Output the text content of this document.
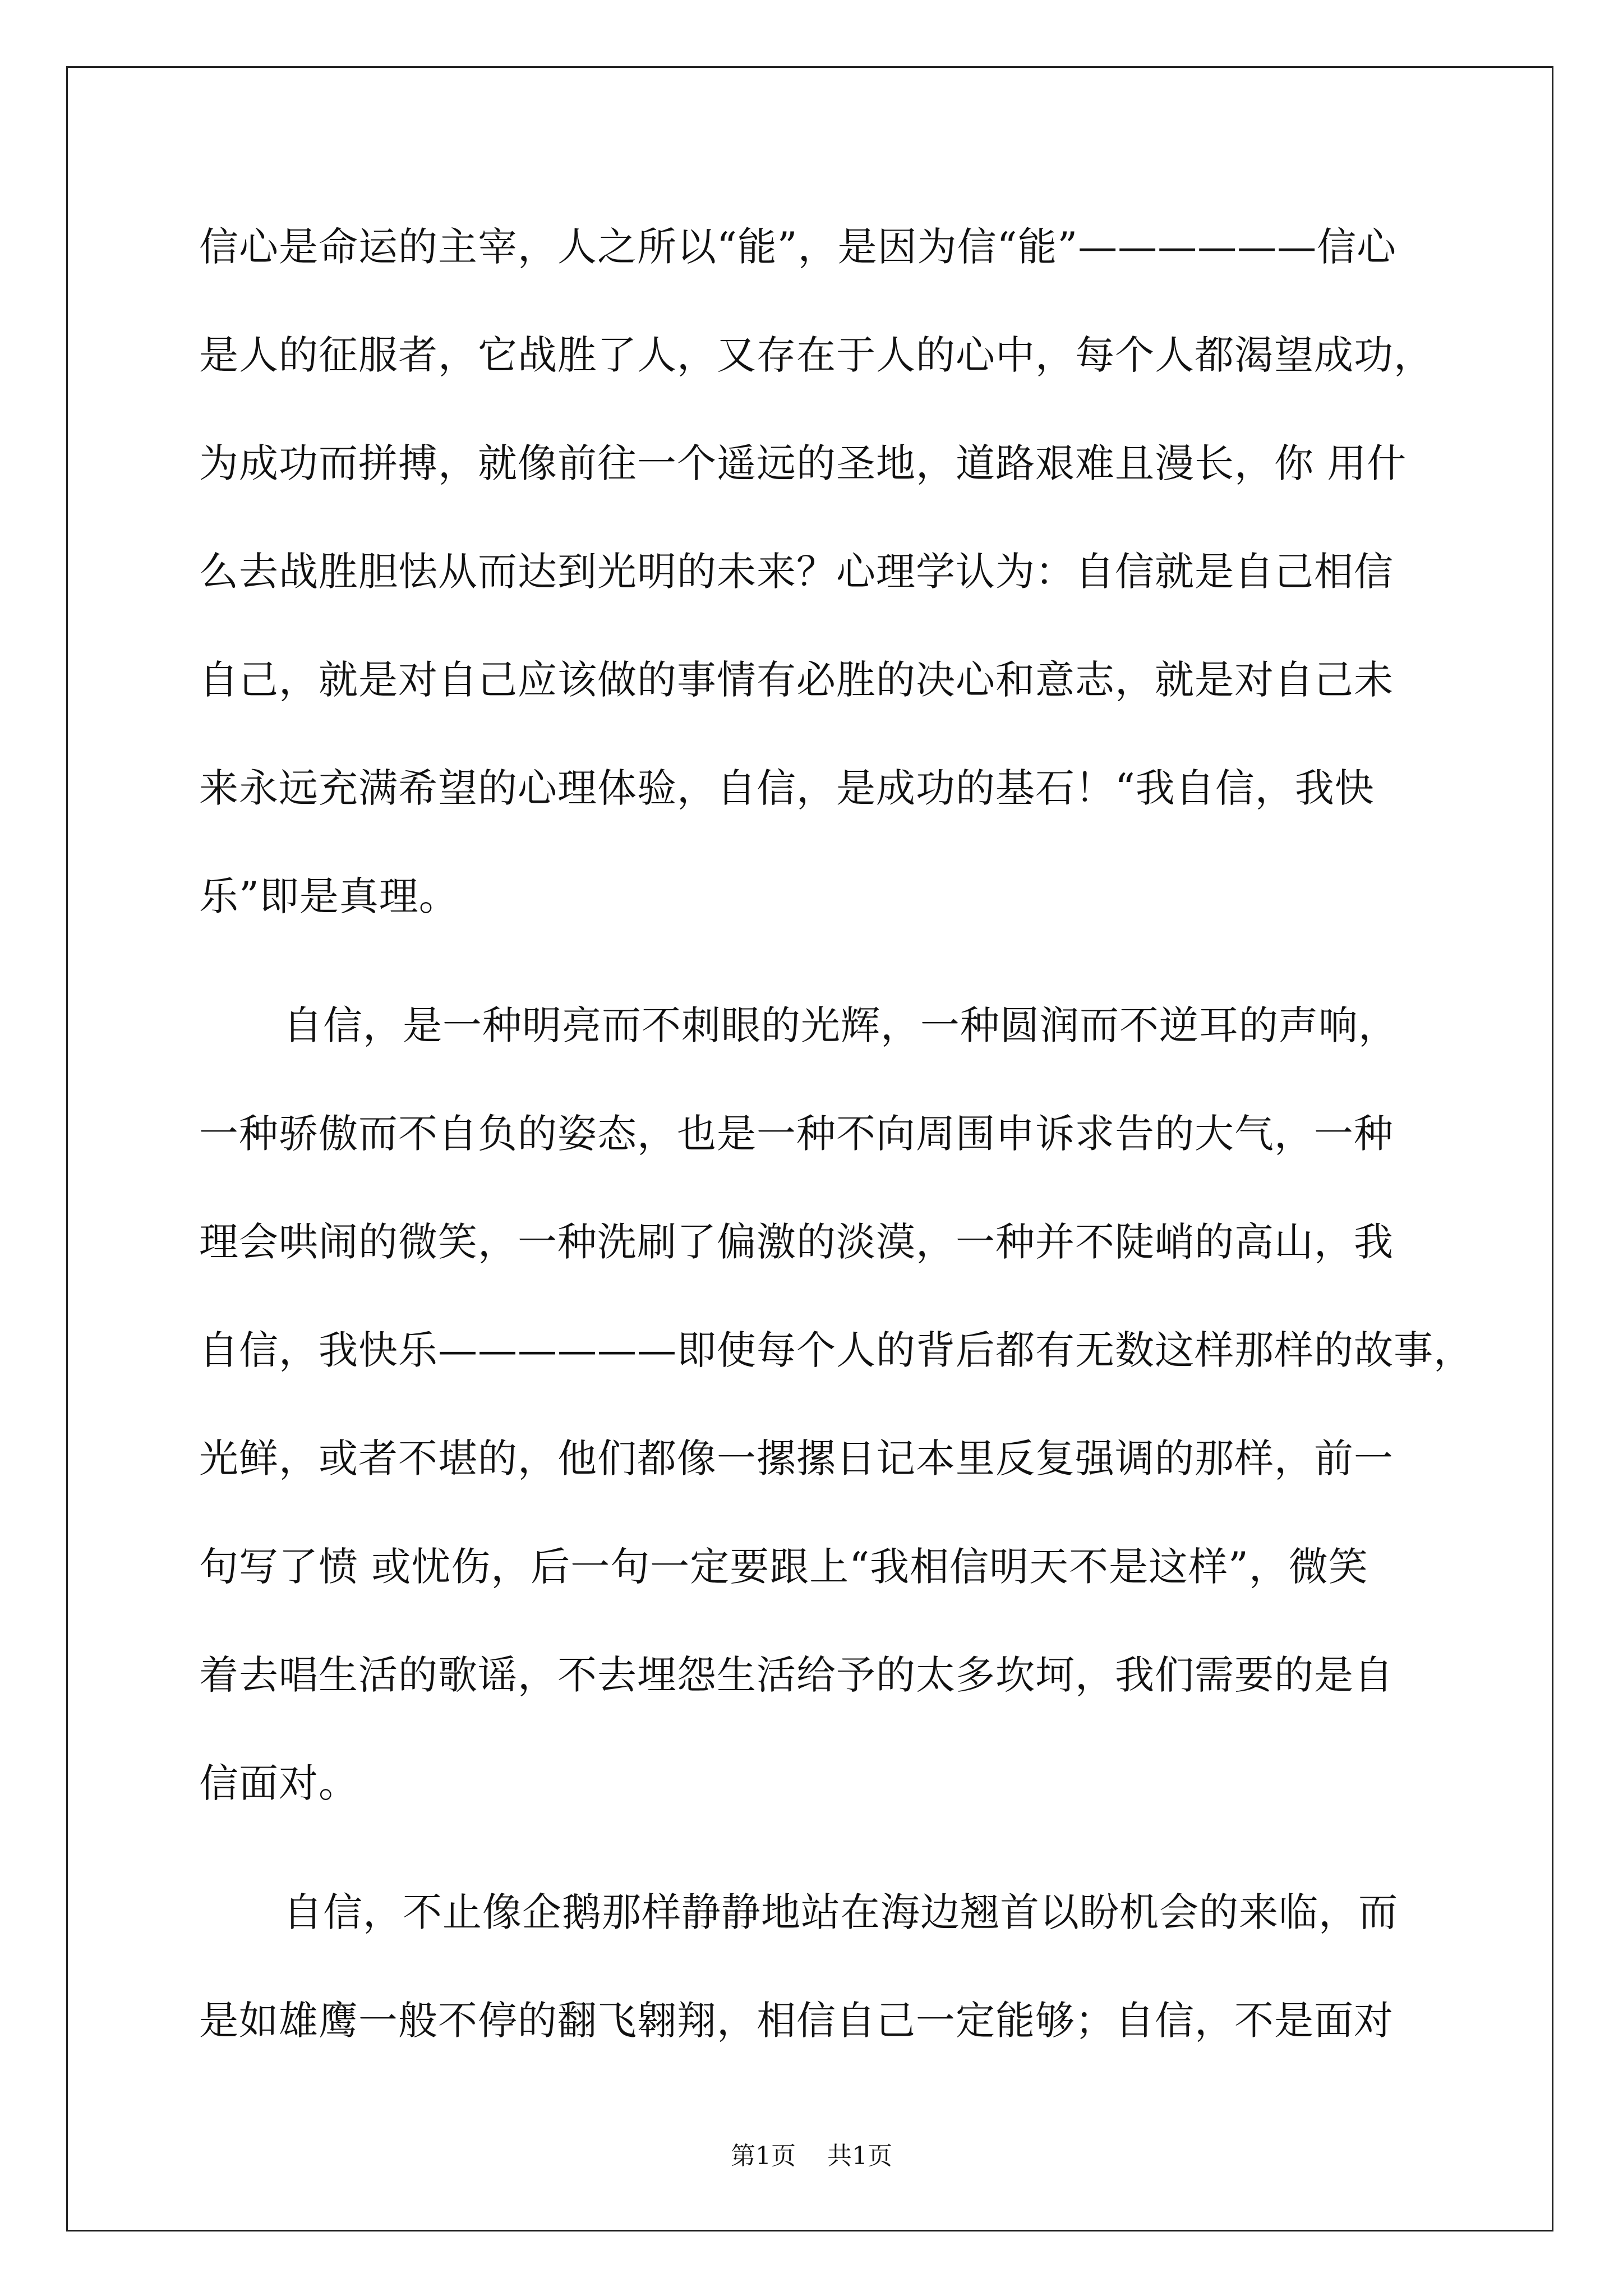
信心是命运的主宰，人之所以“能”，是因为信“能”——————信心
是人的征服者，它战胜了人，又存在于人的心中，每个人都渴望成功，
为成功而拼搏，就像前往一个遥远的圣地，道路艰难且漫长，你 用什
么去战胜胆怯从而达到光明的未来？心理学认为：自信就是自己相信
自己，就是对自己应该做的事情有必胜的决心和意志，就是对自己未
来永远充满希望的心理体验，自信，是成功的基石！“我自信，我快
乐”即是真理。
自信，是一种明亮而不刺眼的光辉，一种圆润而不逆耳的声响，
一种骄傲而不自负的姿态，也是一种不向周围申诉求告的大气，一种
理会哄闹的微笑，一种洗刷了偏激的淡漠，一种并不陡峭的高山，我
自信，我快乐——————即使每个人的背后都有无数这样那样的故事，
光鲜，或者不堪的，他们都像一摞摞日记本里反复强调的那样，前一
句写了愤 或忧伤，后一句一定要跟上“我相信明天不是这样”，微笑
着去唱生活的歌谣，不去埋怨生活给予的太多坎坷，我们需要的是自
信面对。
自信，不止像企鹅那样静静地站在海边翘首以盼机会的来临，而
是如雄鹰一般不停的翻飞翱翔，相信自己一定能够；自信，不是面对
第1页    共1页
